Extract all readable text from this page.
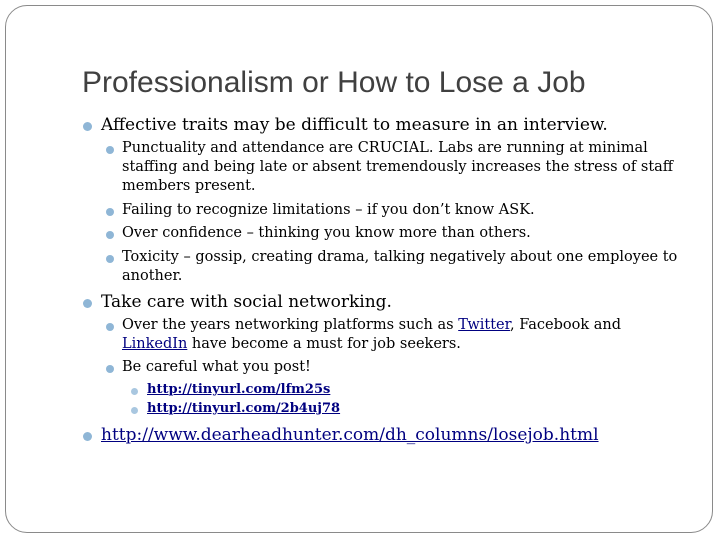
Professionalism or How to Lose a Job
Affective traits may be difficult to measure in an interview.
Punctuality and attendance are CRUCIAL. Labs are running at minimal
staffing and being late or absent tremendously increases the stress of staff
members present.
Failing to recognize limitations – if you don’t know ASK.
Over confidence – thinking you know more than others.
Toxicity – gossip, creating drama, talking negatively about one employee to
another.
Take care with social networking.
Over the years networking platforms such as Twitter, Facebook and
LinkedIn have become a must for job seekers.
Be careful what you post!
http://tinyurl.com/lfm25s
http://tinyurl.com/2b4uj78
http://www.dearheadhunter.com/dh_columns/losejob.html
